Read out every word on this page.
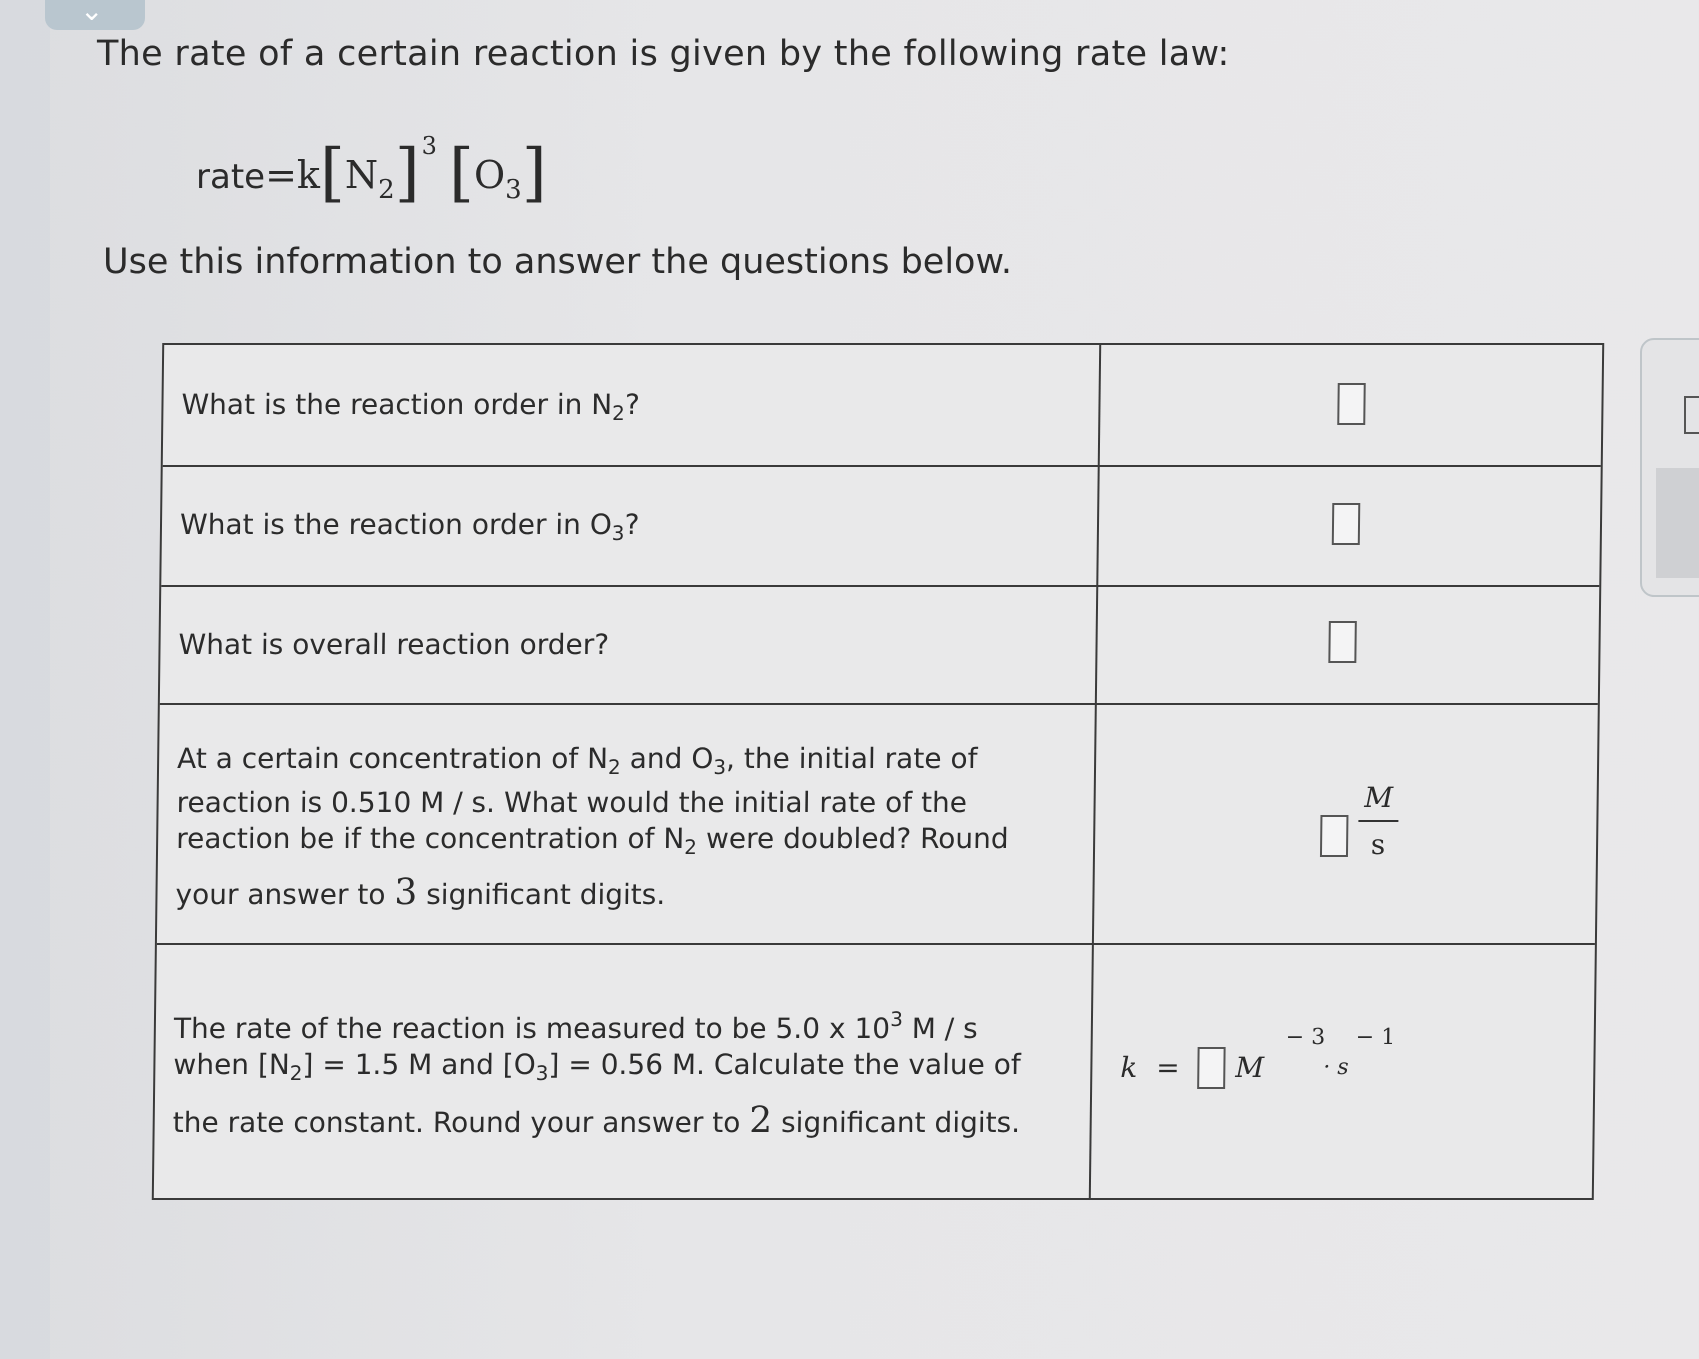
⌄
The rate of a certain reaction is given by the following rate law:
$rate=k[N_2]^3$ $[O_3]$
Use this information to answer the questions below.
What is the reaction order in $N_2$?
What is the reaction order in $O_3$?
What is overall reaction order?
At a certain concentration of $N_2$ and $O_3$, the initial rate of
reaction is 0.510 M / s. What would the initial rate of the
reaction be if the concentration of $N_2$ were doubled? Round
your answer to 3 significant digits.
M
s
The rate of the reaction is measured to be 5.0 x $10^3$ M / s
when $[N_2] = 1.5$ M and $[O_3] = 0.56$ M. Calculate the value of
the rate constant. Round your answer to 2 significant digits.
k =	M
− 3
· s
− 1
